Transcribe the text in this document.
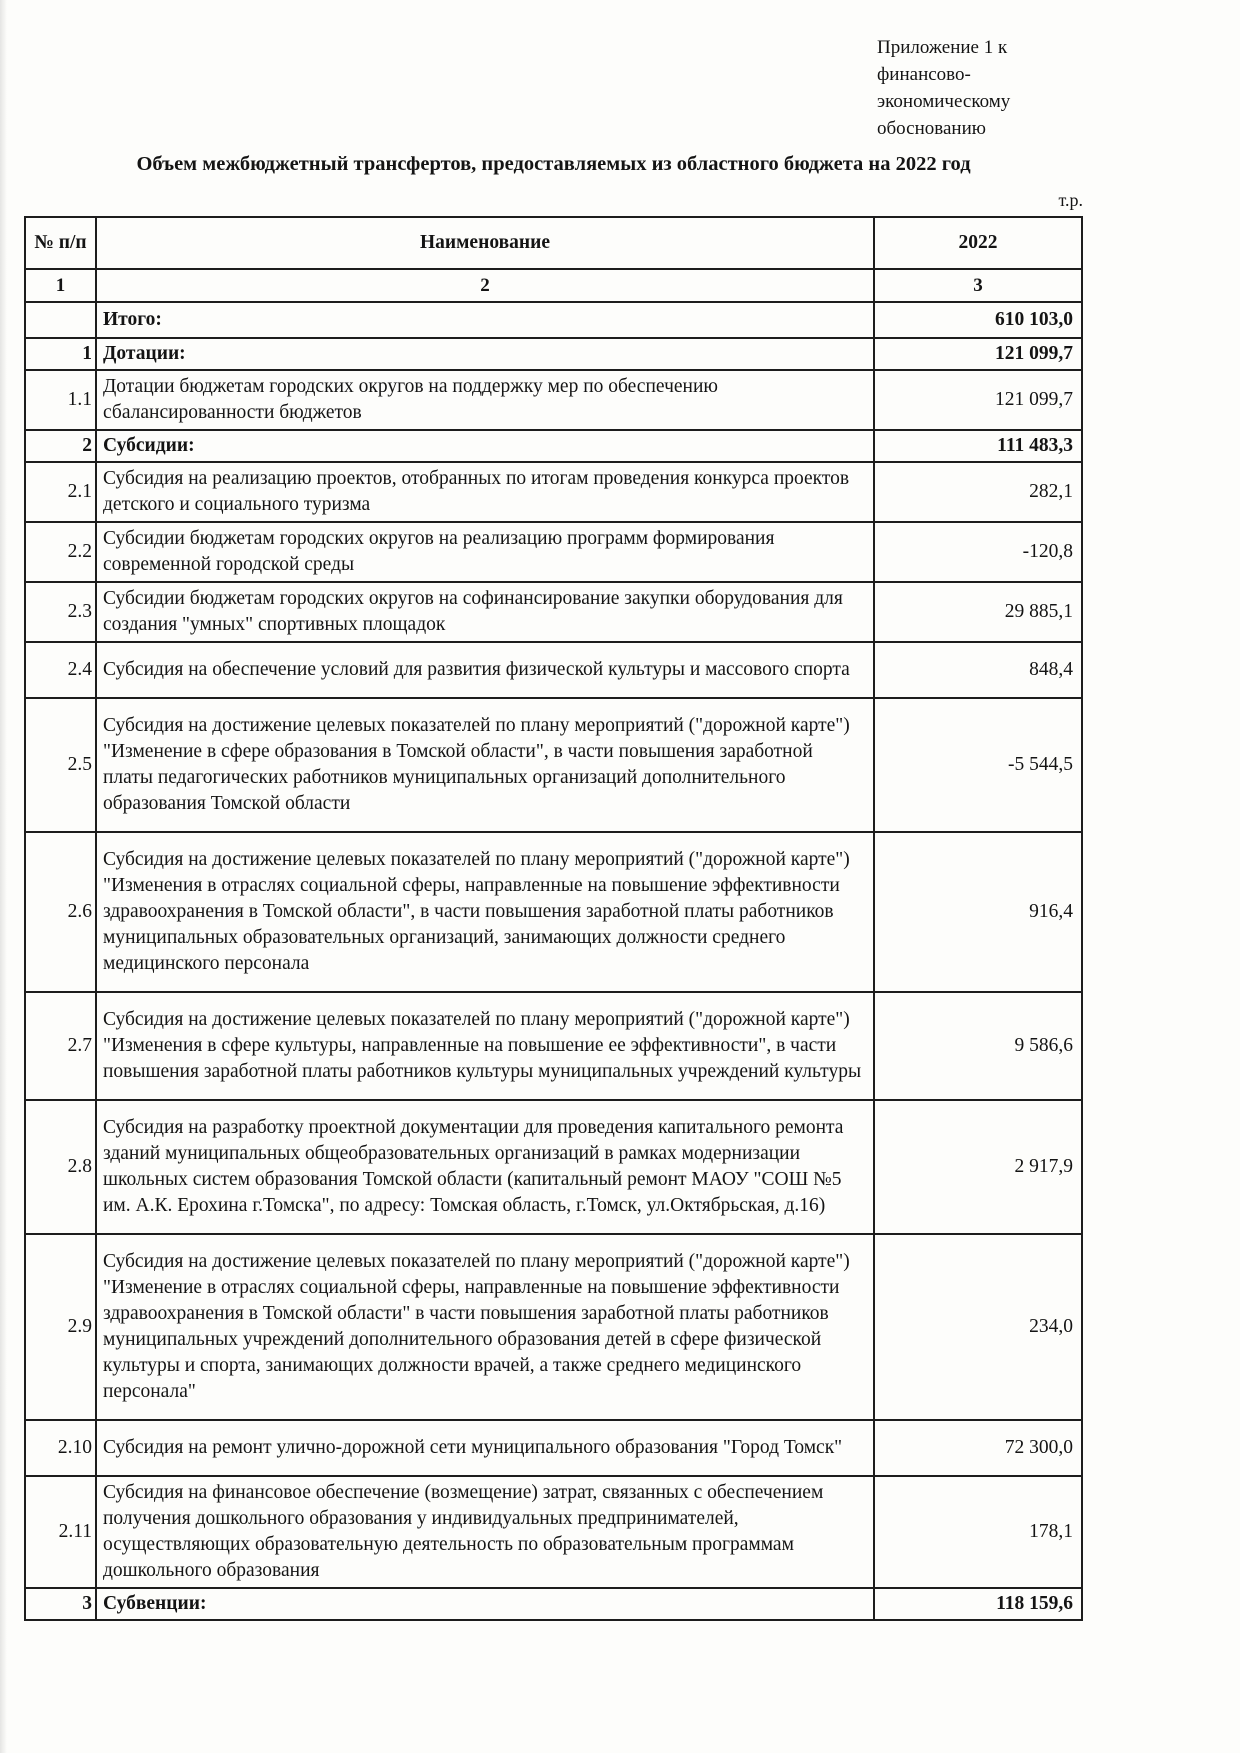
Приложение 1 к
финансово-
экономическому
обоснованию
Объем межбюджетный трансфертов, предоставляемых из областного бюджета на 2022 год
т.р.
№ п/п	Наименование	2022
1	2	3
	Итого:	610 103,0
1	Дотации:	121 099,7
1.1	Дотации бюджетам городских округов на поддержку мер по обеспечению сбалансированности бюджетов	121 099,7
2	Субсидии:	111 483,3
2.1	Субсидия на реализацию проектов, отобранных по итогам проведения конкурса проектов детского и социального туризма	282,1
2.2	Субсидии бюджетам городских округов на реализацию программ формирования современной городской среды	-120,8
2.3	Субсидии бюджетам городских округов на софинансирование закупки оборудования для создания "умных" спортивных площадок	29 885,1
2.4	Субсидия на обеспечение условий для развития физической культуры и массового спорта	848,4
2.5	Субсидия на достижение целевых показателей по плану мероприятий ("дорожной карте") "Изменение в сфере образования в Томской области", в части повышения заработной платы педагогических работников муниципальных организаций дополнительного образования Томской области	-5 544,5
2.6	Субсидия на достижение целевых показателей по плану мероприятий ("дорожной карте") "Изменения в отраслях социальной сферы, направленные на повышение эффективности здравоохранения в Томской области", в части повышения заработной платы работников муниципальных образовательных организаций, занимающих должности среднего медицинского персонала	916,4
2.7	Субсидия на достижение целевых показателей по плану мероприятий ("дорожной карте") "Изменения в сфере культуры, направленные на повышение ее эффективности", в части повышения заработной платы работников культуры муниципальных учреждений культуры	9 586,6
2.8	Субсидия на разработку проектной документации для проведения капитального ремонта зданий муниципальных общеобразовательных организаций в рамках модернизации школьных систем образования Томской области (капитальный ремонт МАОУ "СОШ №5 им. А.К. Ерохина г.Томска", по адресу: Томская область, г.Томск, ул.Октябрьская, д.16)	2 917,9
2.9	Субсидия на достижение целевых показателей по плану мероприятий ("дорожной карте") "Изменение в отраслях социальной сферы, направленные на повышение эффективности здравоохранения в Томской области" в части повышения заработной платы работников муниципальных учреждений дополнительного образования детей в сфере физической культуры и спорта, занимающих должности врачей, а также среднего медицинского персонала"	234,0
2.10	Субсидия на ремонт улично-дорожной сети муниципального образования "Город Томск"	72 300,0
2.11	Субсидия на финансовое обеспечение (возмещение) затрат, связанных с обеспечением получения дошкольного образования у индивидуальных предпринимателей, осуществляющих образовательную деятельность по образовательным программам дошкольного образования	178,1
3	Субвенции:	118 159,6
